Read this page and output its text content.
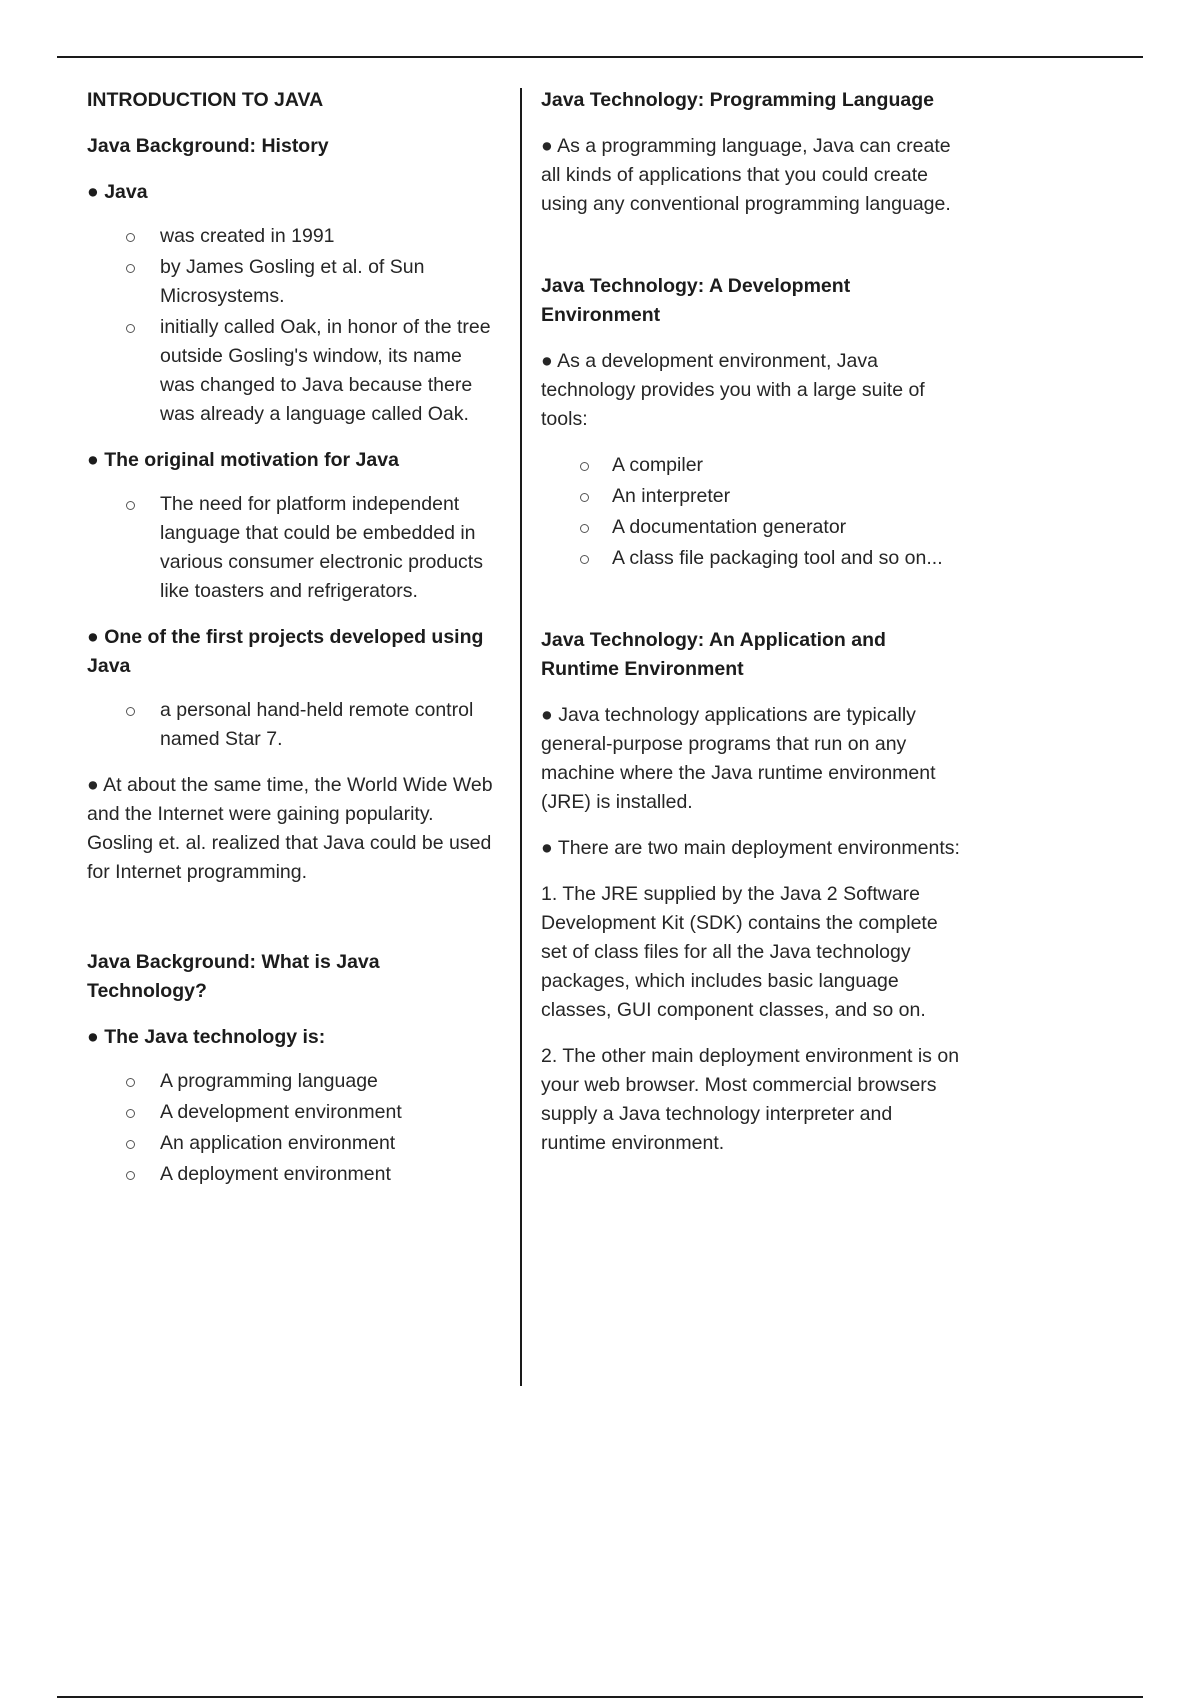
INTRODUCTION TO JAVA
Java Background: History
● Java
was created in 1991
by James Gosling et al. of Sun Microsystems.
initially called Oak, in honor of the tree outside Gosling's window, its name was changed to Java because there was already a language called Oak.
● The original motivation for Java
The need for platform independent language that could be embedded in various consumer electronic products like toasters and refrigerators.
● One of the first projects developed using Java
a personal hand-held remote control named Star 7.
● At about the same time, the World Wide Web and the Internet were gaining popularity. Gosling et. al. realized that Java could be used for Internet programming.
Java Background: What is Java Technology?
● The Java technology is:
A programming language
A development environment
An application environment
A deployment environment
Java Technology: Programming Language
● As a programming language, Java can create all kinds of applications that you could create using any conventional programming language.
Java Technology: A Development Environment
● As a development environment, Java technology provides you with a large suite of tools:
A compiler
An interpreter
A documentation generator
A class file packaging tool and so on...
Java Technology: An Application and Runtime Environment
● Java technology applications are typically general-purpose programs that run on any machine where the Java runtime environment (JRE) is installed.
● There are two main deployment environments:
1. The JRE supplied by the Java 2 Software Development Kit (SDK) contains the complete set of class files for all the Java technology packages, which includes basic language classes, GUI component classes, and so on.
2. The other main deployment environment is on your web browser. Most commercial browsers supply a Java technology interpreter and runtime environment.
